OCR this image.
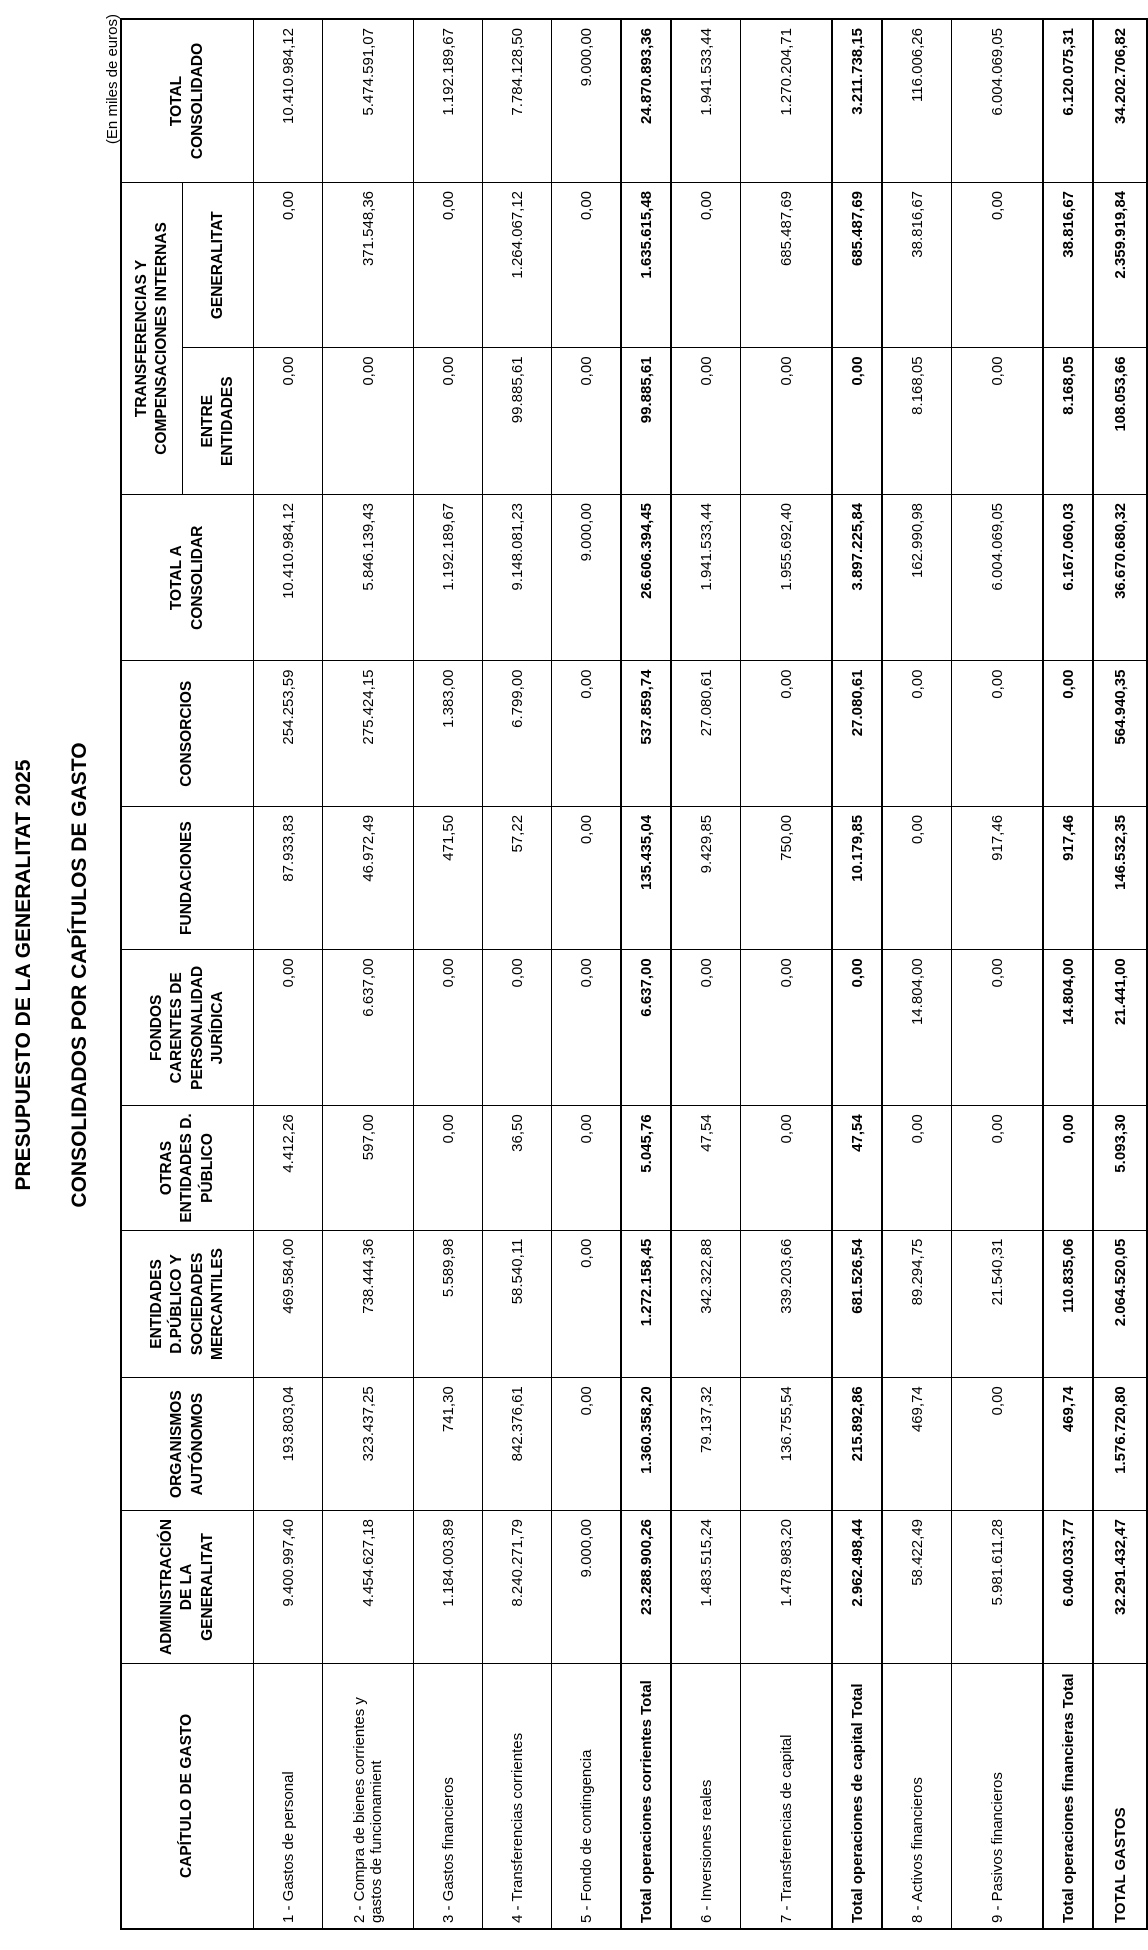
PRESUPUESTO DE LA GENERALITAT 2025 CONSOLIDADOS POR CAPÍTULOS DE GASTO
(En miles de euros)
CAPÍTULO DE GASTO	ADMINISTRACIÓN DE LA GENERALITAT	ORGANISMOS AUTÓNOMOS	ENTIDADES D.PÚBLICO Y SOCIEDADES MERCANTILES	OTRAS ENTIDADES D. PÚBLICO	FONDOS CARENTES DE PERSONALIDAD JURÍDICA	FUNDACIONES	CONSORCIOS	TOTAL A CONSOLIDAR	TRANSFERENCIAS Y COMPENSACIONES INTERNAS		TOTAL CONSOLIDADO
									ENTRE ENTIDADES	GENERALITAT	
1 - Gastos de personal	9.400.997,40	193.803,04	469.584,00	4.412,26	0,00	87.933,83	254.253,59	10.410.984,12	0,00	0,00	10.410.984,12
2 - Compra de bienes corrientes y gastos de funcionamient	4.454.627,18	323.437,25	738.444,36	597,00	6.637,00	46.972,49	275.424,15	5.846.139,43	0,00	371.548,36	5.474.591,07
3 - Gastos financieros	1.184.003,89	741,30	5.589,98	0,00	0,00	471,50	1.383,00	1.192.189,67	0,00	0,00	1.192.189,67
4 - Transferencias corrientes	8.240.271,79	842.376,61	58.540,11	36,50	0,00	57,22	6.799,00	9.148.081,23	99.885,61	1.264.067,12	7.784.128,50
5 - Fondo de contingencia	9.000,00	0,00	0,00	0,00	0,00	0,00	0,00	9.000,00	0,00	0,00	9.000,00
Total operaciones corrientes Total	23.288.900,26	1.360.358,20	1.272.158,45	5.045,76	6.637,00	135.435,04	537.859,74	26.606.394,45	99.885,61	1.635.615,48	24.870.893,36
6 - Inversiones reales	1.483.515,24	79.137,32	342.322,88	47,54	0,00	9.429,85	27.080,61	1.941.533,44	0,00	0,00	1.941.533,44
7 - Transferencias de capital	1.478.983,20	136.755,54	339.203,66	0,00	0,00	750,00	0,00	1.955.692,40	0,00	685.487,69	1.270.204,71
Total operaciones de capital Total	2.962.498,44	215.892,86	681.526,54	47,54	0,00	10.179,85	27.080,61	3.897.225,84	0,00	685.487,69	3.211.738,15
8 - Activos financieros	58.422,49	469,74	89.294,75	0,00	14.804,00	0,00	0,00	162.990,98	8.168,05	38.816,67	116.006,26
9 - Pasivos financieros	5.981.611,28	0,00	21.540,31	0,00	0,00	917,46	0,00	6.004.069,05	0,00	0,00	6.004.069,05
Total operaciones financieras Total	6.040.033,77	469,74	110.835,06	0,00	14.804,00	917,46	0,00	6.167.060,03	8.168,05	38.816,67	6.120.075,31
TOTAL GASTOS	32.291.432,47	1.576.720,80	2.064.520,05	5.093,30	21.441,00	146.532,35	564.940,35	36.670.680,32	108.053,66	2.359.919,84	34.202.706,82
